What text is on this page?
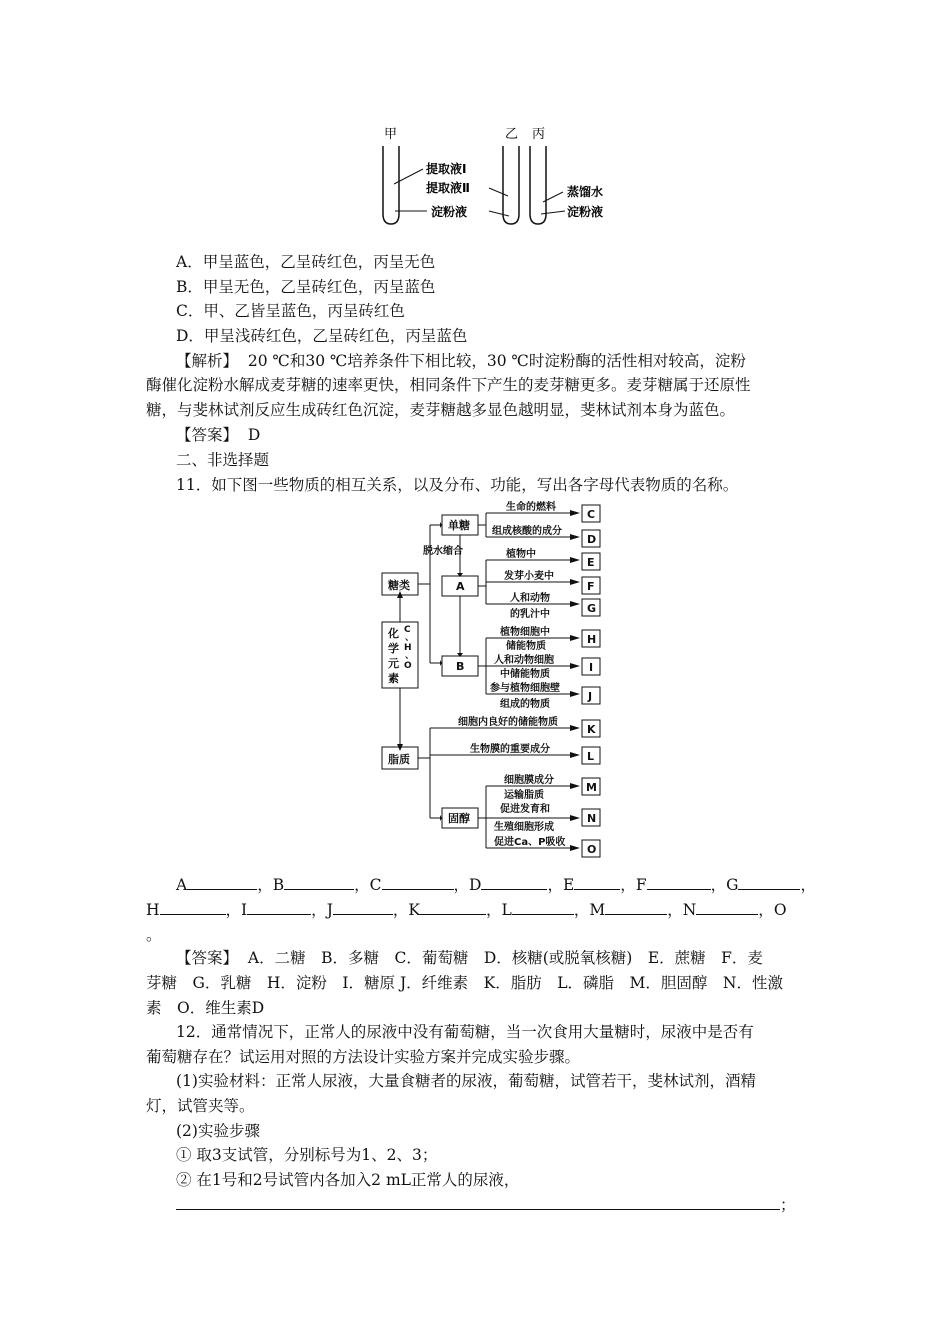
甲	乙 丙
提取液Ⅰ
提取液Ⅱ
淀粉液
蒸馏水
淀粉液
A．甲呈蓝色，乙呈砖红色，丙呈无色
B．甲呈无色，乙呈砖红色，丙呈蓝色
C．甲、乙皆呈蓝色，丙呈砖红色
D．甲呈浅砖红色，乙呈砖红色，丙呈蓝色
【解析】 20 ℃和30 ℃培养条件下相比较，30 ℃时淀粉酶的活性相对较高，淀粉
酶催化淀粉水解成麦芽糖的速率更快，相同条件下产生的麦芽糖更多。麦芽糖属于还原性
糖，与斐林试剂反应生成砖红色沉淀，麦芽糖越多显色越明显，斐林试剂本身为蓝色。
【答案】 D
二、非选择题
11．如下图一些物质的相互关系，以及分布、功能，写出各字母代表物质的名称。
糖类
脂质
单糖
A
B
固醇
脱水缩合
生命的燃料
组成核酸的成分
植物中
发芽小麦中
人和动物
的乳汁中
植物细胞中
储能物质
人和动物细胞
中储能物质
参与植物细胞壁
组成的物质
细胞内良好的储能物质
生物膜的重要成分
细胞膜成分
运输脂质
促进发育和
生殖细胞形成
促进Ca、P吸收
C
D
E
F
G
H
I
J
K
L
M
N
O
化
学
元
素
C
、
H
、
O
A	，B	，C	，D	，E	，F	，G	，
H	，I	，J	，K	，L	，M	，N	，O
。
【答案】 A．二糖　B．多糖　C．葡萄糖　D．核糖(或脱氧核糖)　E．蔗糖　F．麦
芽糖　G．乳糖　H．淀粉　I．糖原 J．纤维素　K．脂肪　L．磷脂　M．胆固醇　N．性激
素　O．维生素D
12．通常情况下，正常人的尿液中没有葡萄糖，当一次食用大量糖时，尿液中是否有
葡萄糖存在？试运用对照的方法设计实验方案并完成实验步骤。
(1)实验材料：正常人尿液，大量食糖者的尿液，葡萄糖，试管若干，斐林试剂，酒精
灯，试管夹等。
(2)实验步骤
① 取3支试管，分别标号为1、2、3；
② 在1号和2号试管内各加入2 mL正常人的尿液，
；
